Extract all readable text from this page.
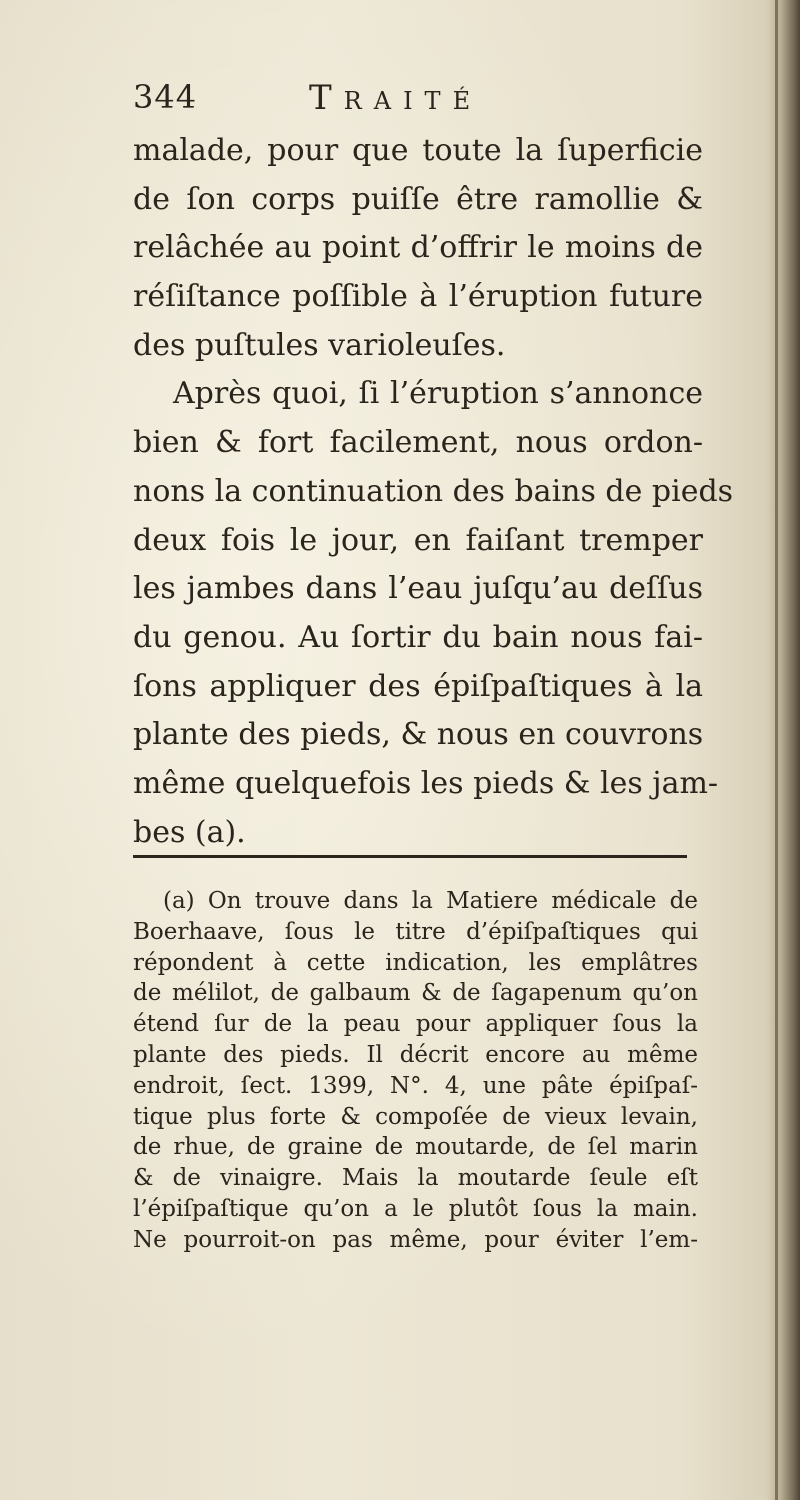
344	Traité
malade, pour que toute la ſuperficie
de ſon corps puiſſe être ramollie &
relâchée au point d’offrir le moins de
réſiſtance poſſible à l’éruption future
des puſtules varioleuſes.
Après quoi, ſi l’éruption s’annonce
bien & fort facilement, nous ordon-
nons la continuation des bains de pieds
deux fois le jour, en faiſant tremper
les jambes dans l’eau juſqu’au deſſus
du genou. Au ſortir du bain nous fai-
ſons appliquer des épiſpaſtiques à la
plante des pieds, & nous en couvrons
même quelquefois les pieds & les jam-
bes (a).
(a) On trouve dans la Matiere médicale de
Boerhaave, ſous le titre d’épiſpaſtiques qui
répondent à cette indication, les emplâtres
de mélilot, de galbaum & de ſagapenum qu’on
étend ſur de la peau pour appliquer ſous la
plante des pieds. Il décrit encore au même
endroit, ſect. 1399, N°. 4, une pâte épiſpaſ-
tique plus forte & compoſée de vieux levain,
de rhue, de graine de moutarde, de ſel marin
& de vinaigre. Mais la moutarde ſeule eſt
l’épiſpaſtique qu’on a le plutôt ſous la main.
Ne pourroit-on pas même, pour éviter l’em-
